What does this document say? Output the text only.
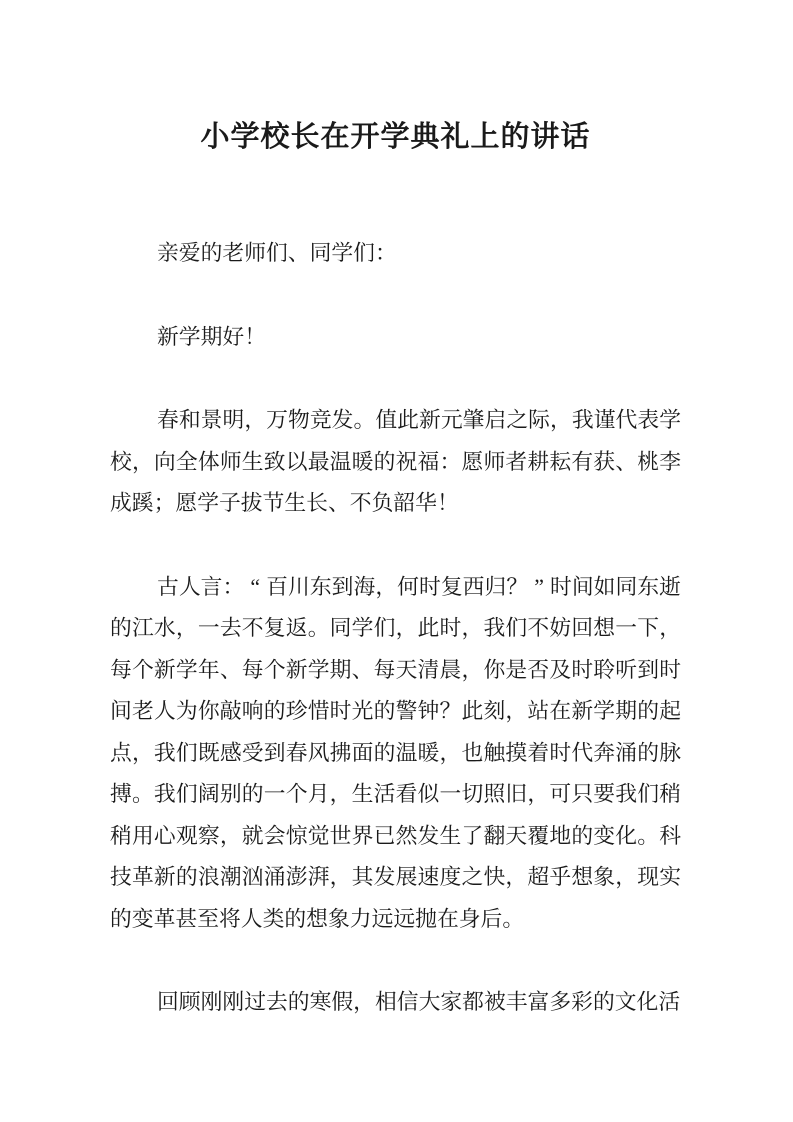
小学校长在开学典礼上的讲话

亲爱的老师们、同学们：

新学期好！

春和景明，万物竞发。值此新元肇启之际，我谨代表学校，向全体师生致以最温暖的祝福：愿师者耕耘有获、桃李成蹊；愿学子拔节生长、不负韶华！

古人言： “ 百川东到海，何时复西归？ ” 时间如同东逝的江水，一去不复返。同学们，此时，我们不妨回想一下，每个新学年、每个新学期、每天清晨，你是否及时聆听到时间老人为你敲响的珍惜时光的警钟？此刻，站在新学期的起点，我们既感受到春风拂面的温暖，也触摸着时代奔涌的脉搏。我们阔别的一个月，生活看似一切照旧，可只要我们稍稍用心观察，就会惊觉世界已然发生了翻天覆地的变化。科技革新的浪潮汹涌澎湃，其发展速度之快，超乎想象，现实的变革甚至将人类的想象力远远抛在身后。

回顾刚刚过去的寒假，相信大家都被丰富多彩的文化活
